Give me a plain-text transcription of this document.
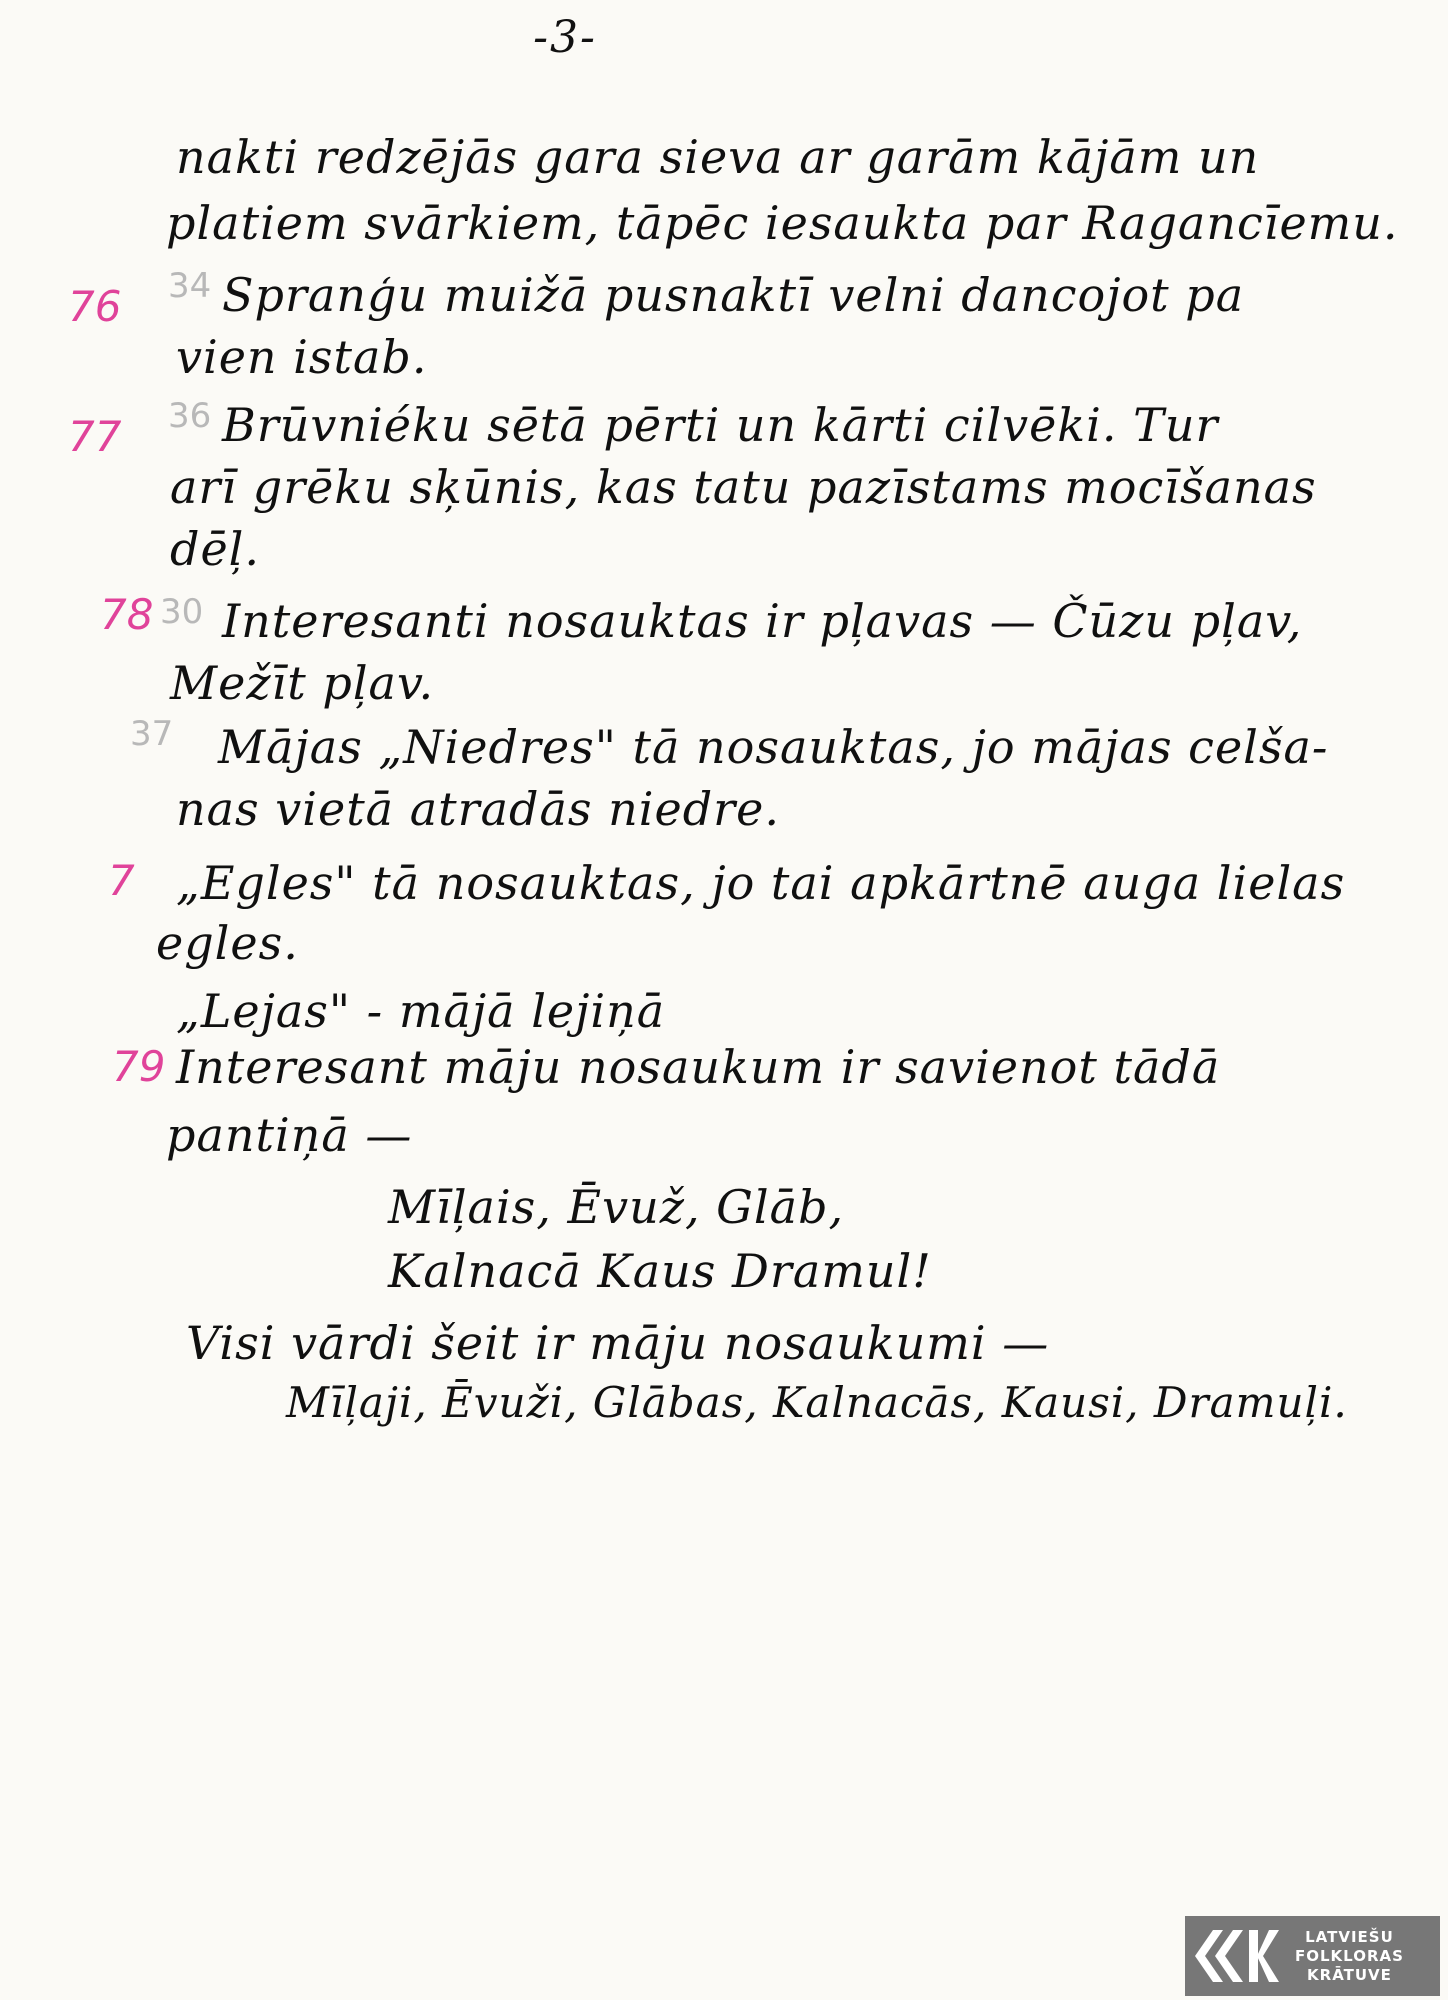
-3-
76
77
78
7
79
34
36
30
37
nakti redzējās gara sieva ar garām kājām un
platiem svārkiem, tāpēc iesaukta par Ragancīemu.
Spranģu muižā pusnaktī velni dancojot pa
vien istab.
Brūvniéku sētā pērti un kārti cilvēki. Tur
arī grēku sķūnis, kas tatu pazīstams mocīšanas
dēļ.
Interesanti nosauktas ir pļavas — Čūzu pļav,
Mežīt pļav.
Mājas „Niedres" tā nosauktas, jo mājas celša-
nas vietā atradās niedre.
„Egles" tā nosauktas, jo tai apkārtnē auga lielas
egles.
„Lejas" - mājā lejiņā
Interesant māju nosaukum ir savienot tādā
pantiņā —
Mīļais, Ēvuž, Glāb,
Kalnacā Kaus Dramul!
Visi vārdi šeit ir māju nosaukumi —
Mīļaji, Ēvuži, Glābas, Kalnacās, Kausi, Dramuļi.
LATVIEŠU
FOLKLORAS
KRĀTUVE
